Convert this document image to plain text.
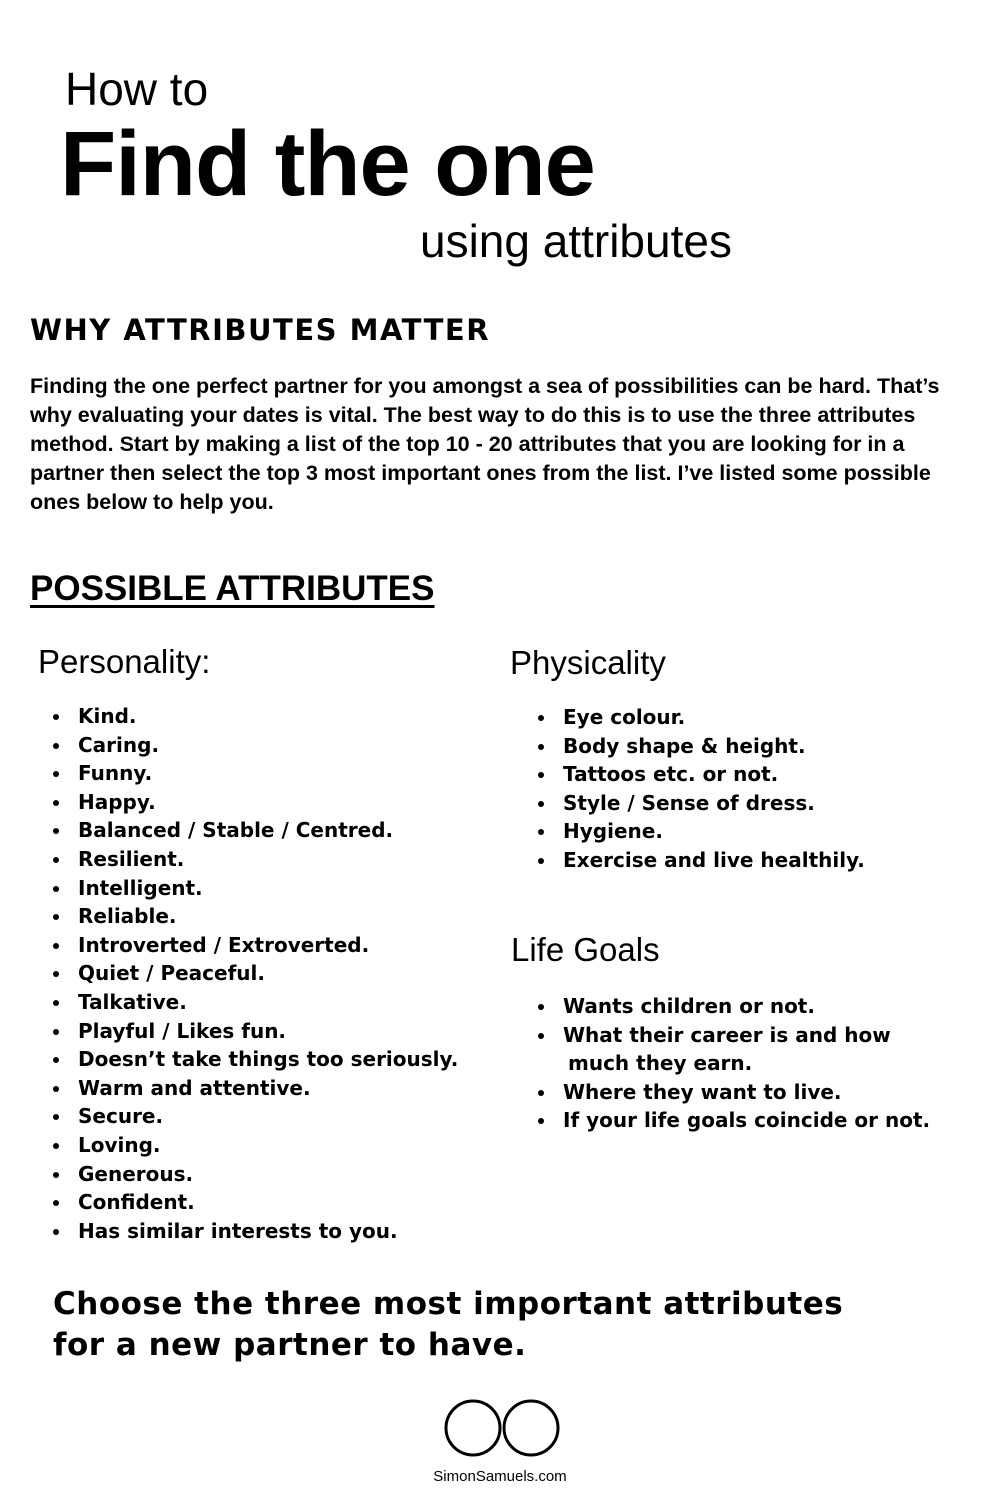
How to
Find the one
using attributes
WHY ATTRIBUTES MATTER

Finding the one perfect partner for you amongst a sea of possibilities can be hard. That’s why evaluating your dates is vital. The best way to do this is to use the three attributes method. Start by making a list of the top 10 - 20 attributes that you are looking for in a partner then select the top 3 most important ones from the list. I’ve listed some possible ones below to help you.

POSSIBLE ATTRIBUTES
Personality:
Kind.
Caring.
Funny.
Happy.
Balanced / Stable / Centred.
Resilient.
Intelligent.
Reliable.
Introverted / Extroverted.
Quiet / Peaceful.
Talkative.
Playful / Likes fun.
Doesn’t take things too seriously.
Warm and attentive.
Secure.
Loving.
Generous.
Confident.
Has similar interests to you.
Physicality
Eye colour.
Body shape & height.
Tattoos etc. or not.
Style / Sense of dress.
Hygiene.
Exercise and live healthily.
Life Goals
Wants children or not.
What their career is and how
much they earn.
Where they want to live.
If your life goals coincide or not.

Choose the three most important attributes
for a new partner to have.

SimonSamuels.com
